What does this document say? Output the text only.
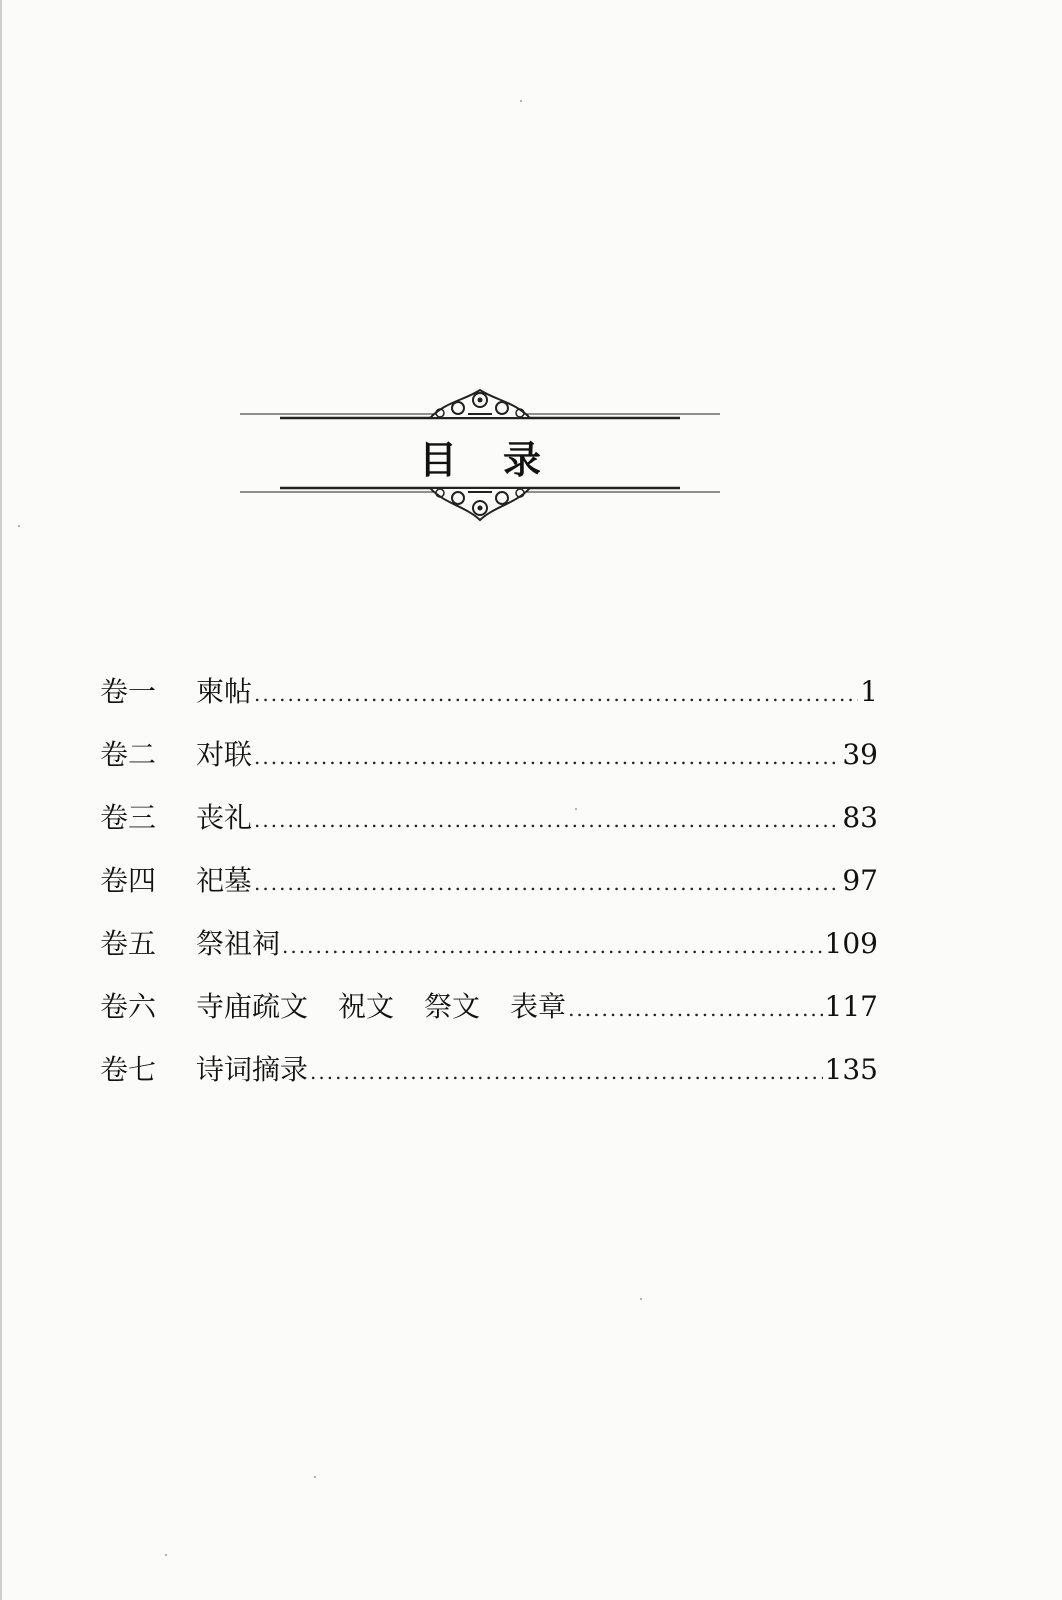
目 录
卷一	柬帖 .....	1
卷二	对联 .....	39
卷三	丧礼 .....	83
卷四	祀墓 .....	97
卷五	祭祖祠 .....	109
卷六	寺庙疏文 祝文 祭文 表章 .....	117
卷七	诗词摘录 .....	135
